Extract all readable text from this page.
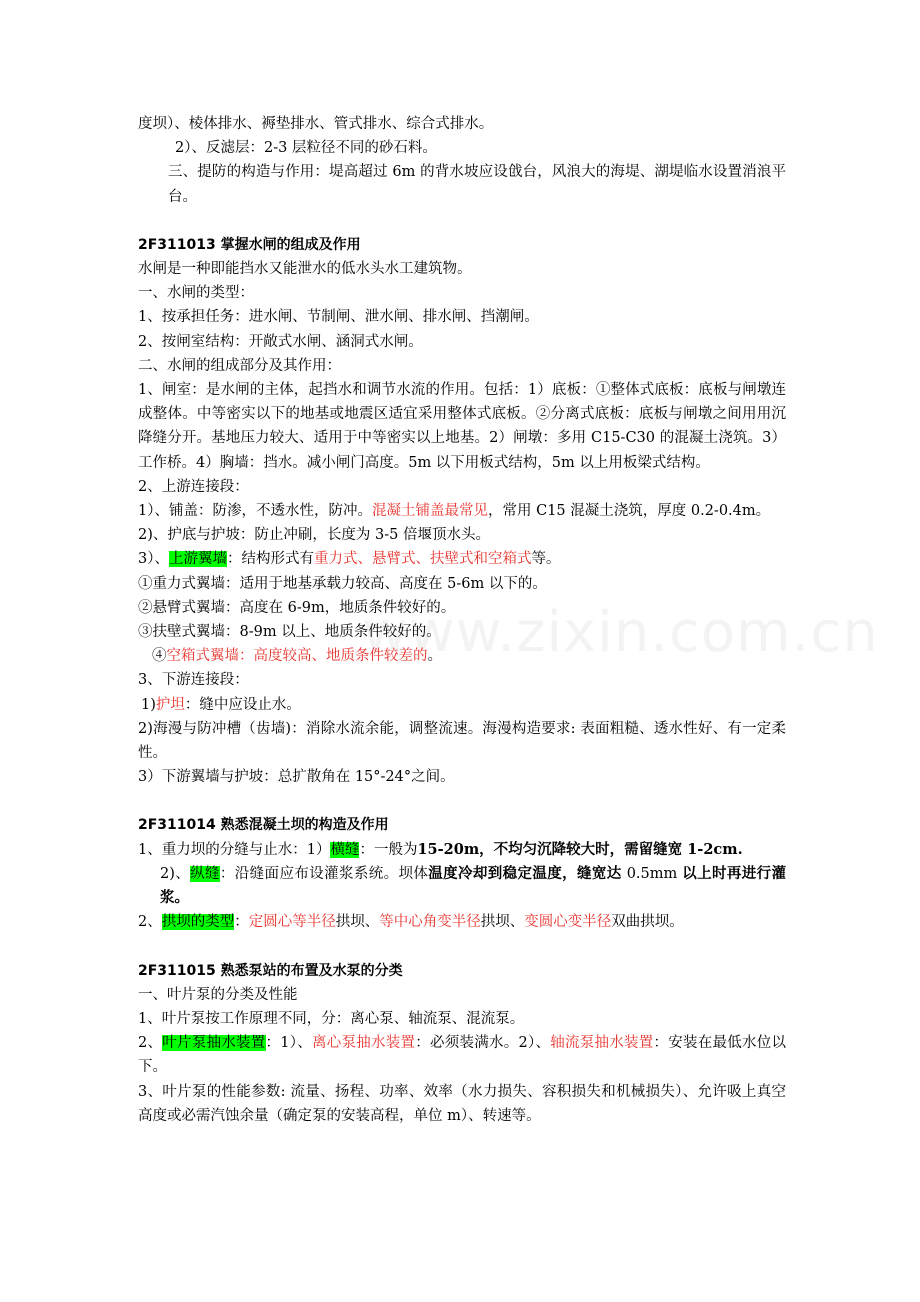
度坝）、棱体排水、褥垫排水、管式排水、综合式排水。

2）、反滤层：2-3 层粒径不同的砂石料。

三、提防的构造与作用：堤高超过 6m 的背水坡应设戗台，风浪大的海堤、湖堤临水设置消浪平台。

2F311013 掌握水闸的组成及作用

水闸是一种即能挡水又能泄水的低水头水工建筑物。

一、水闸的类型：

1、按承担任务：进水闸、节制闸、泄水闸、排水闸、挡潮闸。

2、按闸室结构：开敞式水闸、涵洞式水闸。

二、水闸的组成部分及其作用：

1、闸室：是水闸的主体，起挡水和调节水流的作用。包括：1）底板：①整体式底板：底板与闸墩连成整体。中等密实以下的地基或地震区适宜采用整体式底板。②分离式底板：底板与闸墩之间用用沉降缝分开。基地压力较大、适用于中等密实以上地基。2）闸墩：多用 C15-C30 的混凝土浇筑。3）工作桥。4）胸墙：挡水。减小闸门高度。5m 以下用板式结构，5m 以上用板梁式结构。

2、上游连接段：

1）、铺盖：防渗，不透水性，防冲。混凝土铺盖最常见，常用 C15 混凝土浇筑，厚度 0.2-0.4m。

2)、护底与护坡：防止冲刷，长度为 3-5 倍堰顶水头。

3）、上游翼墙：结构形式有重力式、悬臂式、扶壁式和空箱式等。

①重力式翼墙：适用于地基承载力较高、高度在 5-6m 以下的。

②悬臂式翼墙：高度在 6-9m，地质条件较好的。

③扶壁式翼墙：8-9m 以上、地质条件较好的。

④空箱式翼墙：高度较高、地质条件较差的。

3、下游连接段：

1)护坦：缝中应设止水。

2)海漫与防冲槽（齿墙)：消除水流余能，调整流速。海漫构造要求: 表面粗糙、透水性好、有一定柔性。

3）下游翼墙与护坡：总扩散角在 15°-24°之间。

2F311014 熟悉混凝土坝的构造及作用

1、重力坝的分缝与止水：1）横缝：一般为15-20m，不均匀沉降较大时，需留缝宽 1-2cm.

2)、纵缝：沿缝面应布设灌浆系统。坝体温度冷却到稳定温度，缝宽达 0.5mm 以上时再进行灌浆。

2、拱坝的类型：定圆心等半径拱坝、等中心角变半径拱坝、变圆心变半径双曲拱坝。

2F311015 熟悉泵站的布置及水泵的分类

一、叶片泵的分类及性能

1、叶片泵按工作原理不同，分：离心泵、轴流泵、混流泵。

2、叶片泵抽水装置：1）、离心泵抽水装置：必须装满水。2）、轴流泵抽水装置：安装在最低水位以下。

3、叶片泵的性能参数: 流量、扬程、功率、效率（水力损失、容积损失和机械损失）、允许吸上真空高度或必需汽蚀余量（确定泵的安装高程，单位 m）、转速等。
